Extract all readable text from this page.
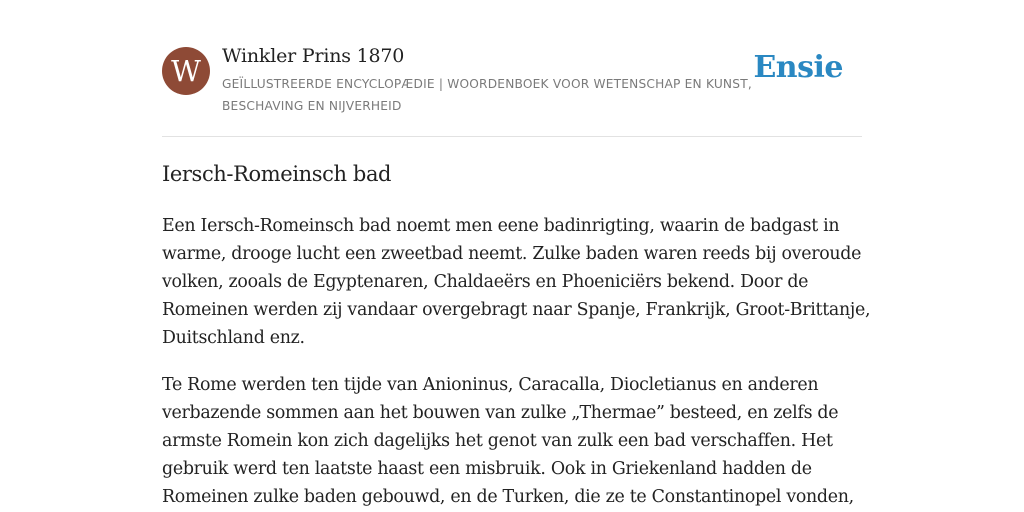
W	Winkler Prins 1870
GEÏLLUSTREERDE ENCYCLOPÆDIE | WOORDENBOEK VOOR WETENSCHAP EN KUNST, BESCHAVING EN NIJVERHEID
Ensie
Iersch-Romeinsch bad

Een Iersch-Romeinsch bad noemt men eene badinrigting, waarin de badgast in warme, drooge lucht een zweetbad neemt. Zulke baden waren reeds bij overoude volken, zooals de Egyptenaren, Chaldaeërs en Phoeniciërs bekend. Door de Romeinen werden zij vandaar overgebragt naar Spanje, Frankrijk, Groot-Brittanje, Duitschland enz.

Te Rome werden ten tijde van Anioninus, Caracalla, Diocletianus en anderen verbazende sommen aan het bouwen van zulke „Thermae” besteed, en zelfs de armste Romein kon zich dagelijks het genot van zulk een bad verschaffen. Het gebruik werd ten laatste haast een misbruik. Ook in Griekenland hadden de Romeinen zulke baden gebouwd, en de Turken, die ze te Constantinopel vonden,
